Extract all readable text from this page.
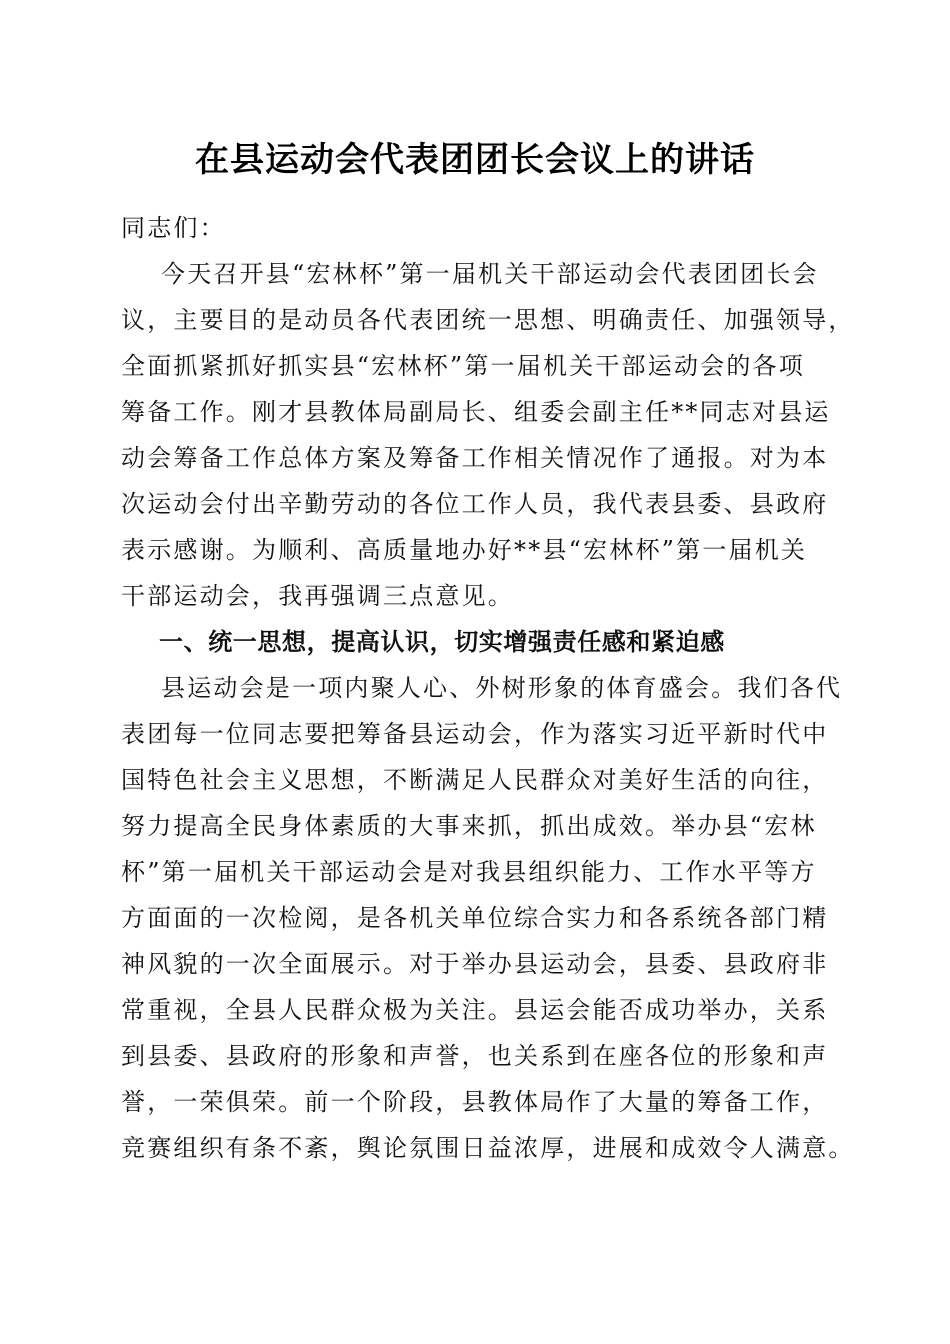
在县运动会代表团团长会议上的讲话
同志们：
今天召开县“宏林杯”第一届机关干部运动会代表团团长会
议，主要目的是动员各代表团统一思想、明确责任、加强领导，
全面抓紧抓好抓实县“宏林杯”第一届机关干部运动会的各项
筹备工作。刚才县教体局副局长、组委会副主任**同志对县运
动会筹备工作总体方案及筹备工作相关情况作了通报。对为本
次运动会付出辛勤劳动的各位工作人员，我代表县委、县政府
表示感谢。为顺利、高质量地办好**县“宏林杯”第一届机关
干部运动会，我再强调三点意见。
一、统一思想，提高认识，切实增强责任感和紧迫感
县运动会是一项内聚人心、外树形象的体育盛会。我们各代
表团每一位同志要把筹备县运动会，作为落实习近平新时代中
国特色社会主义思想，不断满足人民群众对美好生活的向往，
努力提高全民身体素质的大事来抓，抓出成效。举办县“宏林
杯”第一届机关干部运动会是对我县组织能力、工作水平等方
方面面的一次检阅，是各机关单位综合实力和各系统各部门精
神风貌的一次全面展示。对于举办县运动会，县委、县政府非
常重视，全县人民群众极为关注。县运会能否成功举办，关系
到县委、县政府的形象和声誉，也关系到在座各位的形象和声
誉，一荣俱荣。前一个阶段，县教体局作了大量的筹备工作，
竞赛组织有条不紊，舆论氛围日益浓厚，进展和成效令人满意。
